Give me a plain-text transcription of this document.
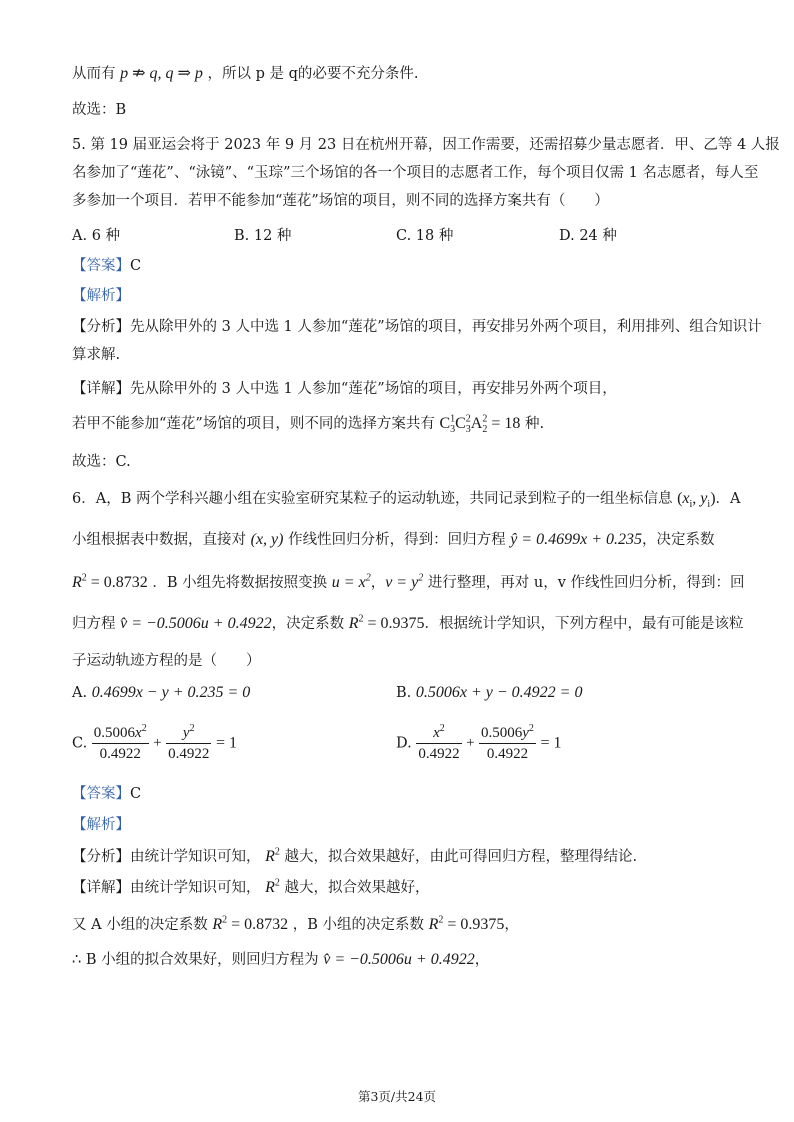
从而有 p ⇏ q, q ⇒ p ，所以 p 是 q的必要不充分条件.
故选：B
5. 第 19 届亚运会将于 2023 年 9 月 23 日在杭州开幕，因工作需要，还需招募少量志愿者．甲、乙等 4 人报
名参加了“莲花”、“泳镜”、“玉琮”三个场馆的各一个项目的志愿者工作，每个项目仅需 1 名志愿者，每人至
多参加一个项目．若甲不能参加“莲花”场馆的项目，则不同的选择方案共有（　　）
A. 6 种	B. 12 种	C. 18 种	D. 24 种
【答案】C
【解析】
【分析】先从除甲外的 3 人中选 1 人参加“莲花”场馆的项目，再安排另外两个项目，利用排列、组合知识计
算求解.
【详解】先从除甲外的 3 人中选 1 人参加“莲花”场馆的项目，再安排另外两个项目，
若甲不能参加“莲花”场馆的项目，则不同的选择方案共有 $C^1_3C^2_3A^2_2 = 18$ 种.
故选：C.
6．A，B 两个学科兴趣小组在实验室研究某粒子的运动轨迹，共同记录到粒子的一组坐标信息 ($x_i$, $y_i$)．A
小组根据表中数据，直接对 (x, y) 作线性回归分析，得到：回归方程 ŷ = 0.4699x + 0.235，决定系数
$R^2 = 0.8732$ ．B 小组先将数据按照变换 $u = x^2$，$v = y^2$ 进行整理，再对 u，v 作线性回归分析，得到：回
归方程 v̂ = −0.5006u + 0.4922，决定系数 $R^2 = 0.9375$．根据统计学知识，下列方程中，最有可能是该粒
子运动轨迹方程的是（　　）
A. 0.4699x − y + 0.235 = 0	B. 0.5006x + y − 0.4922 = 0
C. $\frac{0.5006x^2}{0.4922} + \frac{y^2}{0.4922} = 1$	D. $\frac{x^2}{0.4922} + \frac{0.5006y^2}{0.4922} = 1$
【答案】C
【解析】
【分析】由统计学知识可知， $R^2$ 越大，拟合效果越好，由此可得回归方程，整理得结论.
【详解】由统计学知识可知， $R^2$ 越大，拟合效果越好，
又 A 小组的决定系数 $R^2 = 0.8732$ ，B 小组的决定系数 $R^2 = 0.9375$，
∴ B 小组的拟合效果好，则回归方程为 v̂ = −0.5006u + 0.4922，
第3页/共24页
